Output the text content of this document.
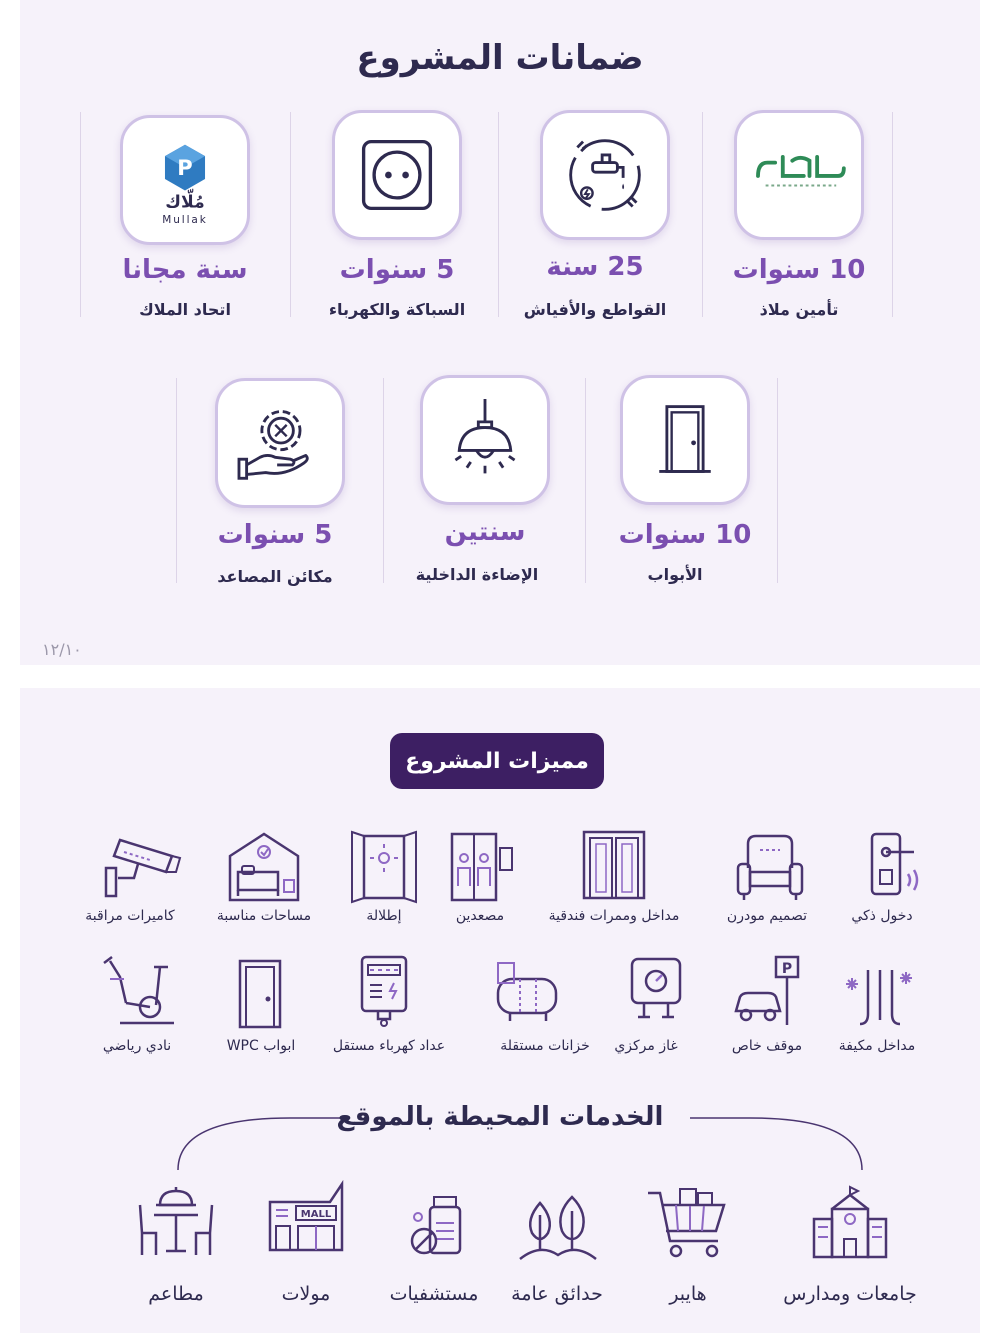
ضمانات المشروع
10 سنوات
تأمين ملاذ
25 سنة
القواطع والأفياش
5 سنوات
السباكة والكهرباء
P
مُلّاك
Mullak
سنة مجانا
اتحاد الملاك
10 سنوات
الأبواب
سنتين
الإضاءة الداخلية
5 سنوات
مكائن المصاعد
١٢/١٠
مميزات المشروع
دخول ذكي
تصميم مودرن
مداخل وممرات فندقية
مصعدين
إطلالة
مساحات مناسبة
كاميرات مراقبة
مداخل مكيفة
P
موقف خاص
غاز مركزي
خزانات مستقلة
عداد كهرباء مستقل
ابواب WPC
نادي رياضي
الخدمات المحيطة بالموقع
جامعات ومدارس
هايبر
حدائق عامة
مستشفيات
MALL
مولات
مطاعم
